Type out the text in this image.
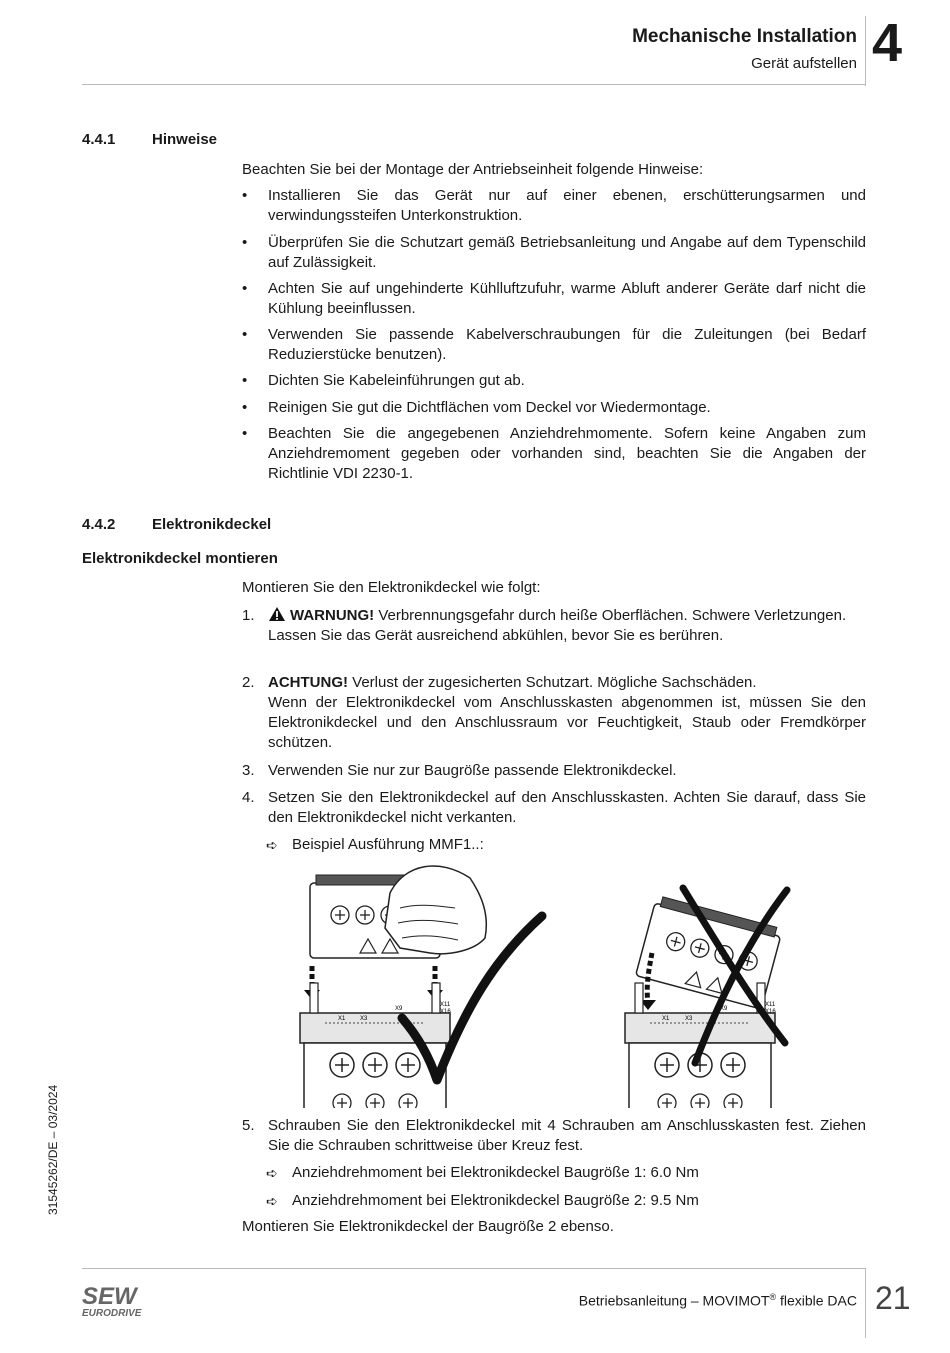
Mechanische Installation
Gerät aufstellen 4
4.4.1 Hinweise
Beachten Sie bei der Montage der Antriebseinheit folgende Hinweise:
• Installieren Sie das Gerät nur auf einer ebenen, erschütterungsarmen und verwindungssteifen Unterkonstruktion.
• Überprüfen Sie die Schutzart gemäß Betriebsanleitung und Angabe auf dem Typenschild auf Zulässigkeit.
• Achten Sie auf ungehinderte Kühlluftzufuhr, warme Abluft anderer Geräte darf nicht die Kühlung beeinflussen.
• Verwenden Sie passende Kabelverschraubungen für die Zuleitungen (bei Bedarf Reduzierstücke benutzen).
• Dichten Sie Kabeleinführungen gut ab.
• Reinigen Sie gut die Dichtflächen vom Deckel vor Wiedermontage.
• Beachten Sie die angegebenen Anziehdrehmomente. Sofern keine Angaben zum Anziehdremoment gegeben oder vorhanden sind, beachten Sie die Angaben der Richtlinie VDI 2230-1.
4.4.2 Elektronikdeckel
Elektronikdeckel montieren
Montieren Sie den Elektronikdeckel wie folgt:
1.	WARNUNG! Verbrennungsgefahr durch heiße Oberflächen. Schwere Verletzungen.
Lassen Sie das Gerät ausreichend abkühlen, bevor Sie es berühren.
2. ACHTUNG! Verlust der zugesicherten Schutzart. Mögliche Sachschäden.
Wenn der Elektronikdeckel vom Anschlusskasten abgenommen ist, müssen Sie den Elektronikdeckel und den Anschlussraum vor Feuchtigkeit, Staub oder Fremdkörper schützen.
3. Verwenden Sie nur zur Baugröße passende Elektronikdeckel.
4. Setzen Sie den Elektronikdeckel auf den Anschlusskasten. Achten Sie darauf, dass Sie den Elektronikdeckel nicht verkanten.
➪ Beispiel Ausführung MMF1..:
X1 X3
X9
X11
X16
X1	X3
X9
X11
X16
5. Schrauben Sie den Elektronikdeckel mit 4 Schrauben am Anschlusskasten fest. Ziehen Sie die Schrauben schrittweise über Kreuz fest.
➪ Anziehdrehmoment bei Elektronikdeckel Baugröße 1: 6.0 Nm
➪ Anziehdrehmoment bei Elektronikdeckel Baugröße 2: 9.5 Nm
Montieren Sie Elektronikdeckel der Baugröße 2 ebenso.
31545262/DE – 03/2024
SEW
EURODRIVE
Betriebsanleitung – MOVIMOT® flexible DAC 21
